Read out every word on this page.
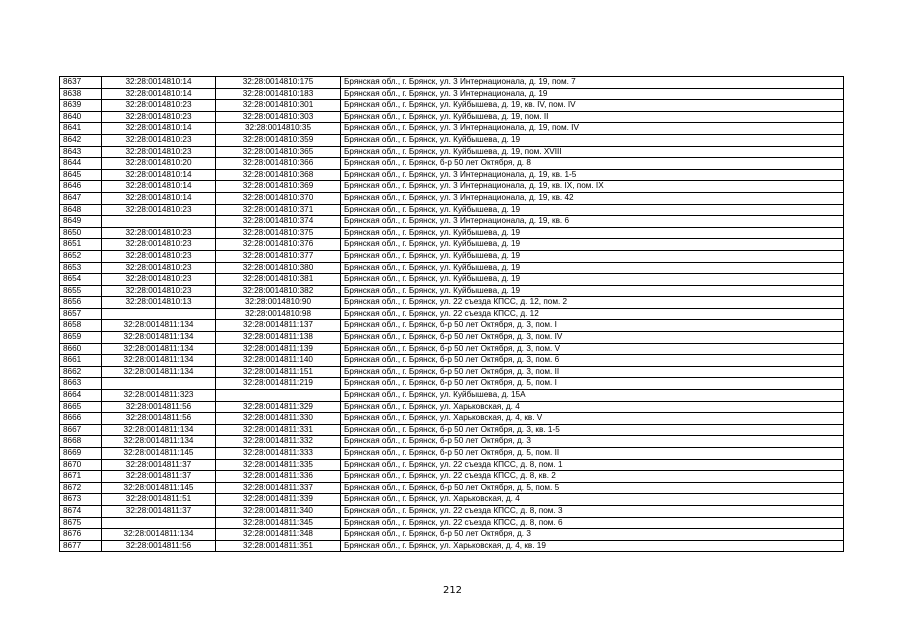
8637	32:28:0014810:14	32:28:0014810:175	Брянская обл., г. Брянск, ул. 3 Интернационала, д. 19, пом. 7
8638	32:28:0014810:14	32:28:0014810:183	Брянская обл., г. Брянск, ул. 3 Интернационала, д. 19
8639	32:28:0014810:23	32:28:0014810:301	Брянская обл., г. Брянск, ул. Куйбышева, д. 19, кв. IV, пом. IV
8640	32:28:0014810:23	32:28:0014810:303	Брянская обл., г. Брянск, ул. Куйбышева, д. 19, пом. II
8641	32:28:0014810:14	32:28:0014810:35	Брянская обл., г. Брянск, ул. 3 Интернационала, д. 19, пом. IV
8642	32:28:0014810:23	32:28:0014810:359	Брянская обл., г. Брянск, ул. Куйбышева, д. 19
8643	32:28:0014810:23	32:28:0014810:365	Брянская обл., г. Брянск, ул. Куйбышева, д. 19, пом. XVIII
8644	32:28:0014810:20	32:28:0014810:366	Брянская обл., г. Брянск, б-р 50 лет Октября, д. 8
8645	32:28:0014810:14	32:28:0014810:368	Брянская обл., г. Брянск, ул. 3 Интернационала, д. 19, кв. 1-5
8646	32:28:0014810:14	32:28:0014810:369	Брянская обл., г. Брянск, ул. 3 Интернационала, д. 19, кв. IX, пом. IX
8647	32:28:0014810:14	32:28:0014810:370	Брянская обл., г. Брянск, ул. 3 Интернационала, д. 19, кв. 42
8648	32:28:0014810:23	32:28:0014810:371	Брянская обл., г. Брянск, ул. Куйбышева, д. 19
8649		32:28:0014810:374	Брянская обл., г. Брянск, ул. 3 Интернационала, д. 19, кв. 6
8650	32:28:0014810:23	32:28:0014810:375	Брянская обл., г. Брянск, ул. Куйбышева, д. 19
8651	32:28:0014810:23	32:28:0014810:376	Брянская обл., г. Брянск, ул. Куйбышева, д. 19
8652	32:28:0014810:23	32:28:0014810:377	Брянская обл., г. Брянск, ул. Куйбышева, д. 19
8653	32:28:0014810:23	32:28:0014810:380	Брянская обл., г. Брянск, ул. Куйбышева, д. 19
8654	32:28:0014810:23	32:28:0014810:381	Брянская обл., г. Брянск, ул. Куйбышева, д. 19
8655	32:28:0014810:23	32:28:0014810:382	Брянская обл., г. Брянск, ул. Куйбышева, д. 19
8656	32:28:0014810:13	32:28:0014810:90	Брянская обл., г. Брянск, ул. 22 съезда КПСС, д. 12, пом. 2
8657		32:28:0014810:98	Брянская обл., г. Брянск, ул. 22 съезда КПСС, д. 12
8658	32:28:0014811:134	32:28:0014811:137	Брянская обл., г. Брянск, б-р 50 лет Октября, д. 3, пом. I
8659	32:28:0014811:134	32:28:0014811:138	Брянская обл., г. Брянск, б-р 50 лет Октября, д. 3, пом. IV
8660	32:28:0014811:134	32:28:0014811:139	Брянская обл., г. Брянск, б-р 50 лет Октября, д. 3, пом. V
8661	32:28:0014811:134	32:28:0014811:140	Брянская обл., г. Брянск, б-р 50 лет Октября, д. 3, пом. 6
8662	32:28:0014811:134	32:28:0014811:151	Брянская обл., г. Брянск, б-р 50 лет Октября, д. 3, пом. II
8663		32:28:0014811:219	Брянская обл., г. Брянск, б-р 50 лет Октября, д. 5, пом. I
8664	32:28:0014811:323		Брянская обл., г. Брянск, ул. Куйбышева, д. 15А
8665	32:28:0014811:56	32:28:0014811:329	Брянская обл., г. Брянск, ул. Харьковская, д. 4
8666	32:28:0014811:56	32:28:0014811:330	Брянская обл., г. Брянск, ул. Харьковская, д. 4, кв. V
8667	32:28:0014811:134	32:28:0014811:331	Брянская обл., г. Брянск, б-р 50 лет Октября, д. 3, кв. 1-5
8668	32:28:0014811:134	32:28:0014811:332	Брянская обл., г. Брянск, б-р 50 лет Октября, д. 3
8669	32:28:0014811:145	32:28:0014811:333	Брянская обл., г. Брянск, б-р 50 лет Октября, д. 5, пом. II
8670	32:28:0014811:37	32:28:0014811:335	Брянская обл., г. Брянск, ул. 22 съезда КПСС, д. 8, пом. 1
8671	32:28:0014811:37	32:28:0014811:336	Брянская обл., г. Брянск, ул. 22 съезда КПСС, д. 8, кв. 2
8672	32:28:0014811:145	32:28:0014811:337	Брянская обл., г. Брянск, б-р 50 лет Октября, д. 5, пом. 5
8673	32:28:0014811:51	32:28:0014811:339	Брянская обл., г. Брянск, ул. Харьковская, д. 4
8674	32:28:0014811:37	32:28:0014811:340	Брянская обл., г. Брянск, ул. 22 съезда КПСС, д. 8, пом. 3
8675		32:28:0014811:345	Брянская обл., г. Брянск, ул. 22 съезда КПСС, д. 8, пом. 6
8676	32:28:0014811:134	32:28:0014811:348	Брянская обл., г. Брянск, б-р 50 лет Октября, д. 3
8677	32:28:0014811:56	32:28:0014811:351	Брянская обл., г. Брянск, ул. Харьковская, д. 4, кв. 19
212
